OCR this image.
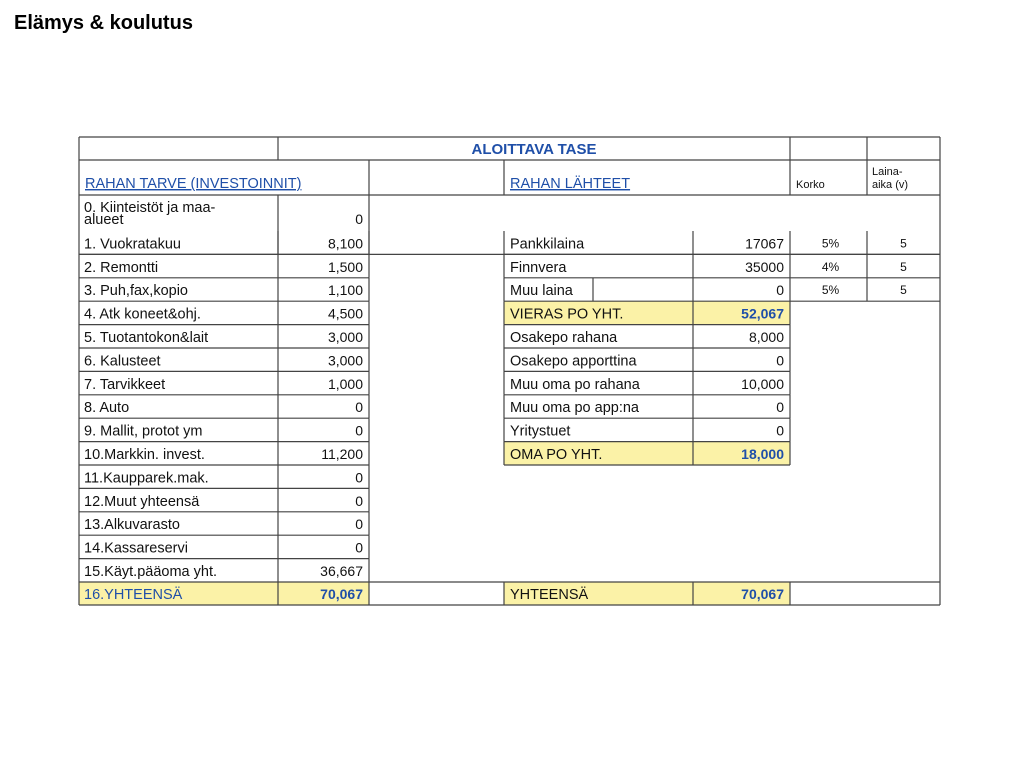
Elämys & koulutus
ALOITTAVA TASE
RAHAN TARVE (INVESTOINNIT)	RAHAN LÄHTEET	Korko
Laina-
aika (v)
0. Kiinteistöt ja maa-
alueet	0
1. Vuokratakuu	8,100
2. Remontti	1,500
3. Puh,fax,kopio	1,100
4. Atk koneet&ohj.	4,500
5. Tuotantokon&lait	3,000
6. Kalusteet	3,000
7. Tarvikkeet	1,000
8. Auto	0
9. Mallit, protot ym	0
10.Markkin. invest.	11,200
11.Kaupparek.mak.	0
12.Muut yhteensä	0
13.Alkuvarasto	0
14.Kassareservi	0
15.Käyt.pääoma yht.	36,667
16.YHTEENSÄ	70,067
Pankkilaina	17067	5%	5
Finnvera	35000	4%	5
Muu laina	0	5%	5
VIERAS PO YHT.	52,067
Osakepo rahana	8,000
Osakepo apporttina	0
Muu oma po rahana	10,000
Muu oma po app:na	0
Yritystuet	0
OMA PO YHT.	18,000
YHTEENSÄ	70,067
